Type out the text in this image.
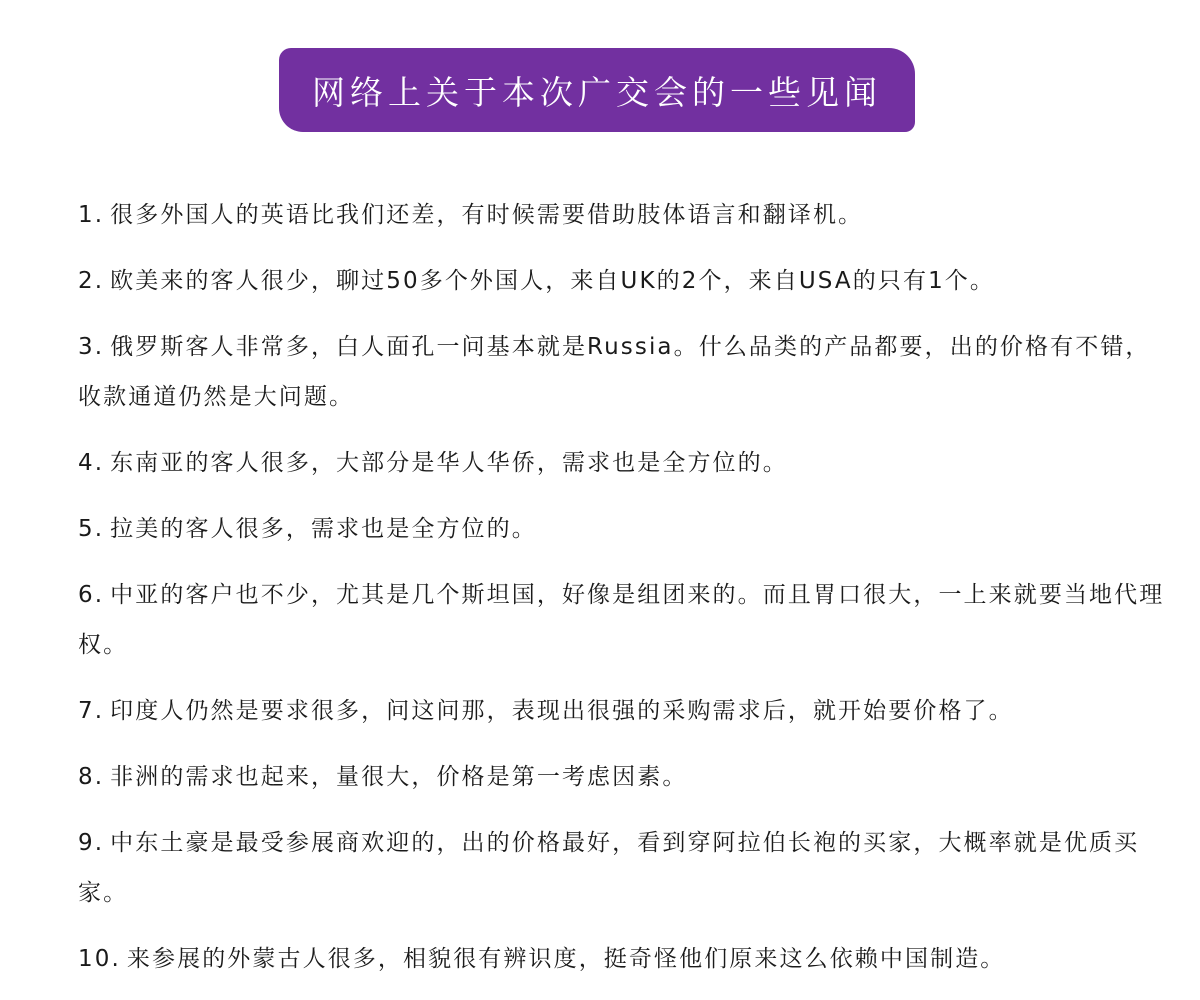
网络上关于本次广交会的一些见闻

1. 很多外国人的英语比我们还差，有时候需要借助肢体语言和翻译机。

2. 欧美来的客人很少，聊过50多个外国人，来自UK的2个，来自USA的只有1个。

3. 俄罗斯客人非常多，白人面孔一问基本就是Russia。什么品类的产品都要，出的价格有不错，收款通道仍然是大问题。

4. 东南亚的客人很多，大部分是华人华侨，需求也是全方位的。

5. 拉美的客人很多，需求也是全方位的。

6. 中亚的客户也不少，尤其是几个斯坦国，好像是组团来的。而且胃口很大，一上来就要当地代理权。

7. 印度人仍然是要求很多，问这问那，表现出很强的采购需求后，就开始要价格了。

8. 非洲的需求也起来，量很大，价格是第一考虑因素。

9. 中东土豪是最受参展商欢迎的，出的价格最好，看到穿阿拉伯长袍的买家，大概率就是优质买家。

10. 来参展的外蒙古人很多，相貌很有辨识度，挺奇怪他们原来这么依赖中国制造。
